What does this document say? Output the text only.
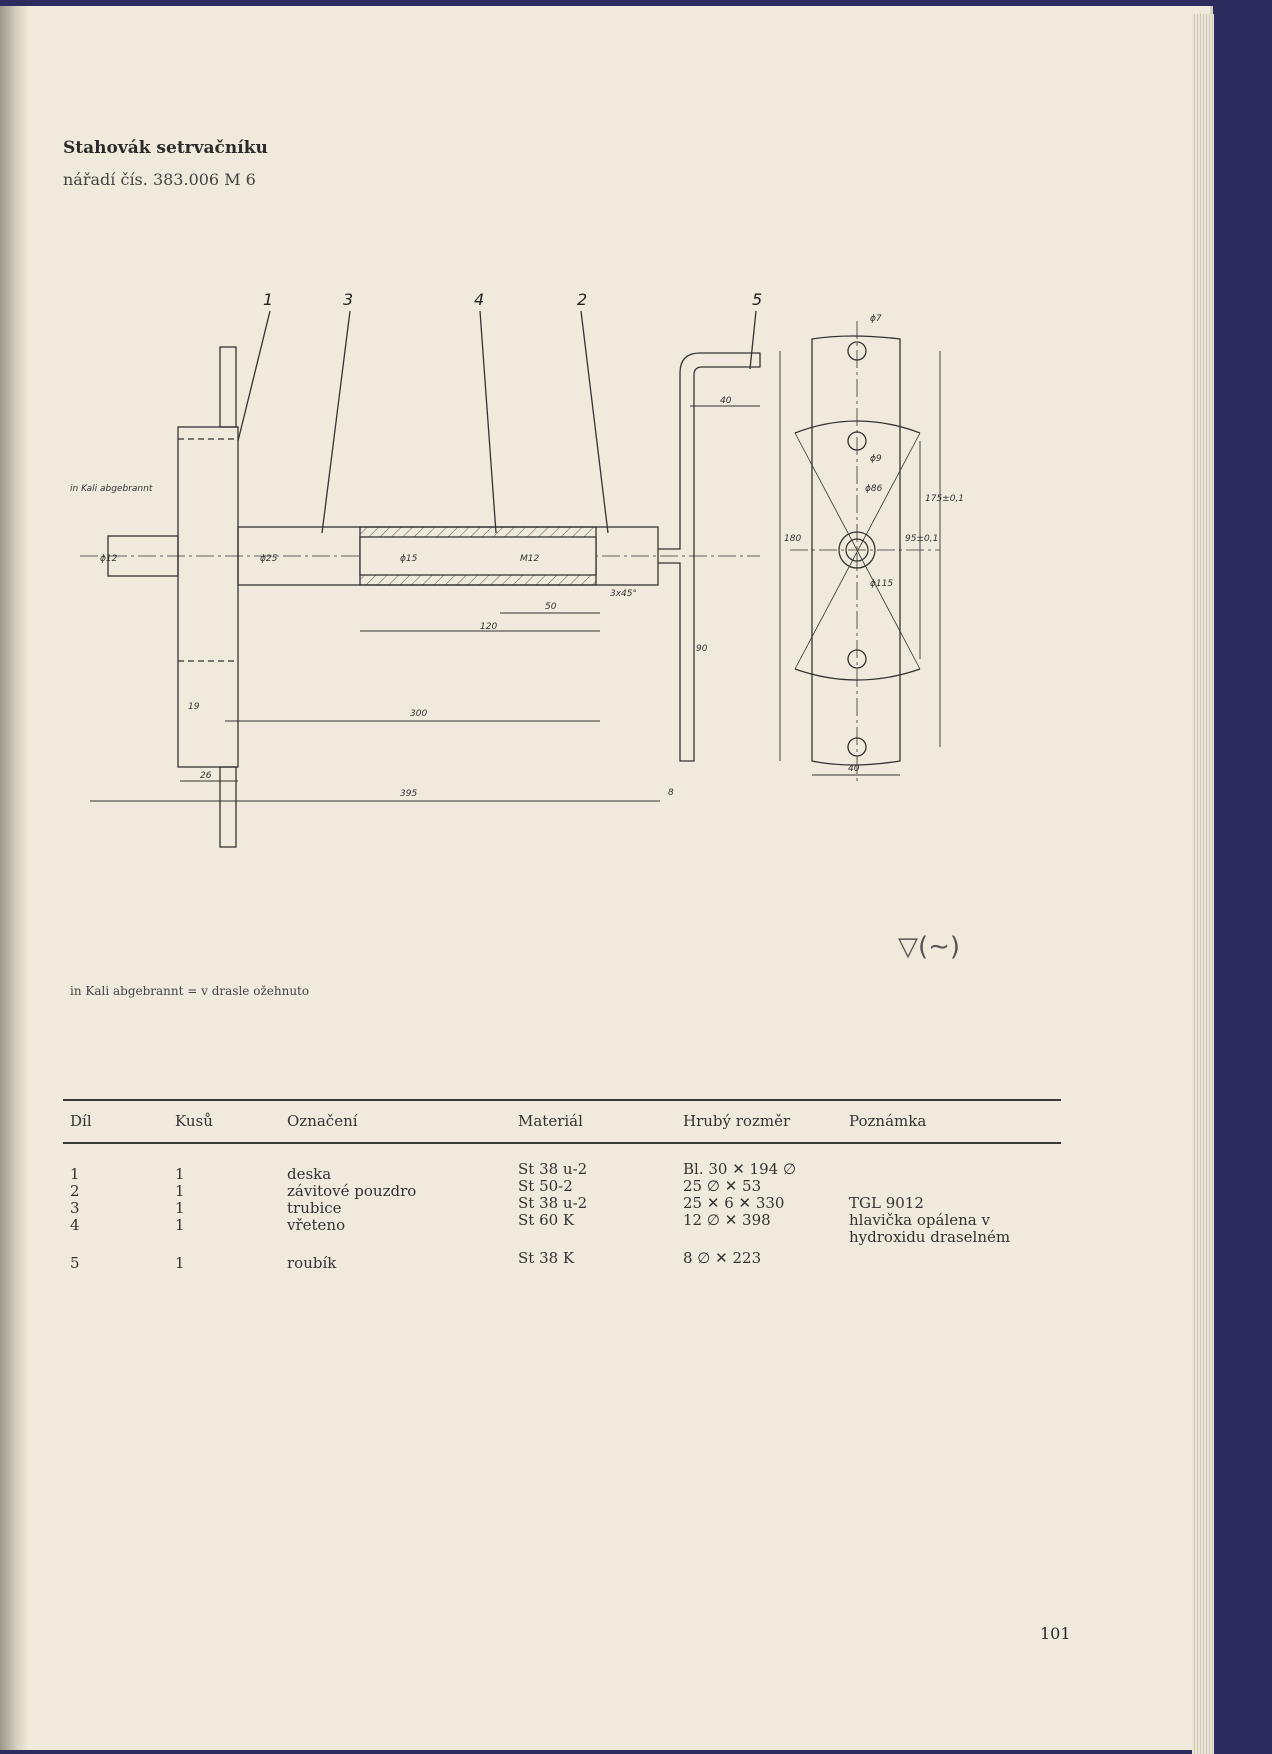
Stahovák setrvačníku
nářadí čís. 383.006 M 6
1	3	4	2	5
395
300
120
50
26
19
8
180
90
40
3x45°
ϕ12	ϕ25	ϕ15	M12
in Kali abgebrannt
ϕ7
ϕ9
ϕ86
95±0,1
175±0,1
ϕ115
40
▽(∼)
in Kali abgebrannt = v drasle ožehnuto
Díl	Kusů	Označení	Materiál	Hrubý rozměr	Poznámka
1	1	deska	St 38 u-2	Bl. 30 ✕ 194 ∅
2	1	závitové pouzdro	St 50-2	25 ∅ ✕ 53
3	1	trubice	St 38 u-2	25 ✕ 6 ✕ 330	TGL 9012
4	1	vřeteno	St 60 K	12 ∅ ✕ 398	hlavička opálena v hydroxidu draselném
5	1	roubík	St 38 K	8 ∅ ✕ 223
101
